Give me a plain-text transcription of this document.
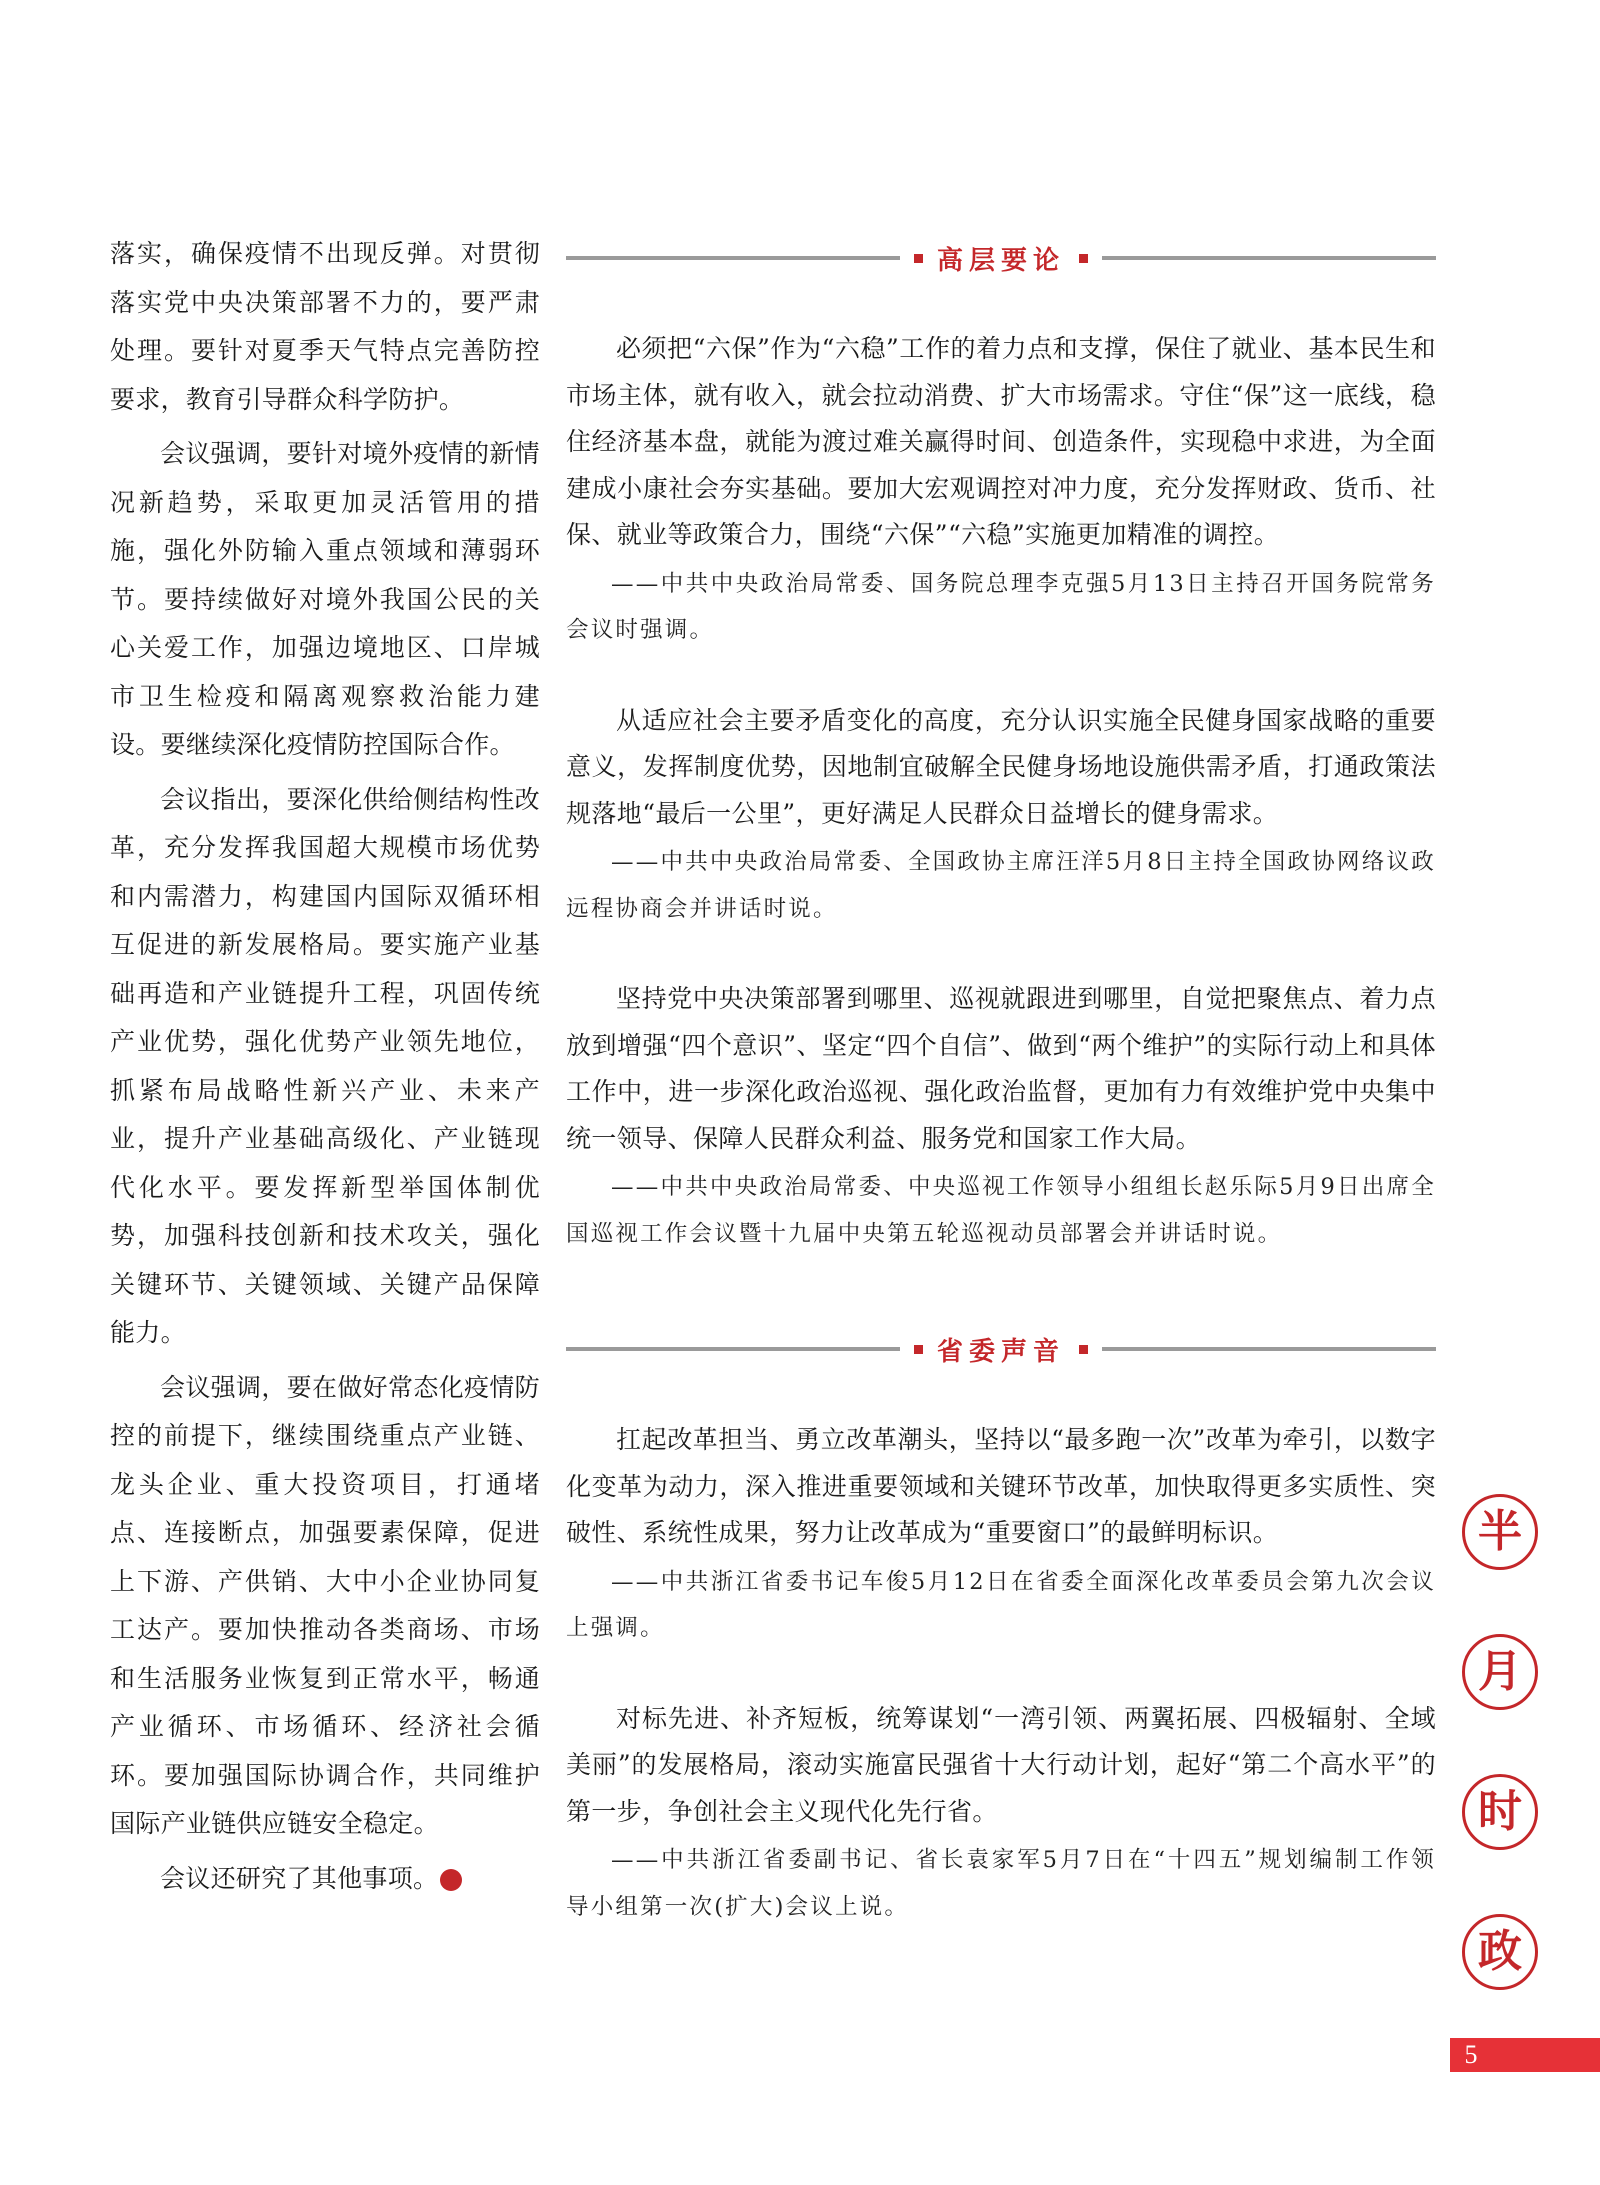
落实，确保疫情不出现反弹。对贯彻落实党中央决策部署不力的，要严肃处理。要针对夏季天气特点完善防控要求，教育引导群众科学防护。

会议强调，要针对境外疫情的新情况新趋势，采取更加灵活管用的措施，强化外防输入重点领域和薄弱环节。要持续做好对境外我国公民的关心关爱工作，加强边境地区、口岸城市卫生检疫和隔离观察救治能力建设。要继续深化疫情防控国际合作。

会议指出，要深化供给侧结构性改革，充分发挥我国超大规模市场优势和内需潜力，构建国内国际双循环相互促进的新发展格局。要实施产业基础再造和产业链提升工程，巩固传统产业优势，强化优势产业领先地位，抓紧布局战略性新兴产业、未来产业，提升产业基础高级化、产业链现代化水平。要发挥新型举国体制优势，加强科技创新和技术攻关，强化关键环节、关键领域、关键产品保障能力。

会议强调，要在做好常态化疫情防控的前提下，继续围绕重点产业链、龙头企业、重大投资项目，打通堵点、连接断点，加强要素保障，促进上下游、产供销、大中小企业协同复工达产。要加快推动各类商场、市场和生活服务业恢复到正常水平，畅通产业循环、市场循环、经济社会循环。要加强国际协调合作，共同维护国际产业链供应链安全稳定。

会议还研究了其他事项。	个

高层要论

必须把“六保”作为“六稳”工作的着力点和支撑，保住了就业、基本民生和市场主体，就有收入，就会拉动消费、扩大市场需求。守住“保”这一底线，稳住经济基本盘，就能为渡过难关赢得时间、创造条件，实现稳中求进，为全面建成小康社会夯实基础。要加大宏观调控对冲力度，充分发挥财政、货币、社保、就业等政策合力，围绕“六保”“六稳”实施更加精准的调控。

——中共中央政治局常委、国务院总理李克强5月13日主持召开国务院常务会议时强调。

从适应社会主要矛盾变化的高度，充分认识实施全民健身国家战略的重要意义，发挥制度优势，因地制宜破解全民健身场地设施供需矛盾，打通政策法规落地“最后一公里”，更好满足人民群众日益增长的健身需求。

——中共中央政治局常委、全国政协主席汪洋5月8日主持全国政协网络议政远程协商会并讲话时说。

坚持党中央决策部署到哪里、巡视就跟进到哪里，自觉把聚焦点、着力点放到增强“四个意识”、坚定“四个自信”、做到“两个维护”的实际行动上和具体工作中，进一步深化政治巡视、强化政治监督，更加有力有效维护党中央集中统一领导、保障人民群众利益、服务党和国家工作大局。

——中共中央政治局常委、中央巡视工作领导小组组长赵乐际5月9日出席全国巡视工作会议暨十九届中央第五轮巡视动员部署会并讲话时说。

省委声音

扛起改革担当、勇立改革潮头，坚持以“最多跑一次”改革为牵引，以数字化变革为动力，深入推进重要领域和关键环节改革，加快取得更多实质性、突破性、系统性成果，努力让改革成为“重要窗口”的最鲜明标识。

——中共浙江省委书记车俊5月12日在省委全面深化改革委员会第九次会议上强调。

对标先进、补齐短板，统筹谋划“一湾引领、两翼拓展、四极辐射、全域美丽”的发展格局，滚动实施富民强省十大行动计划，起好“第二个高水平”的第一步，争创社会主义现代化先行省。

——中共浙江省委副书记、省长袁家军5月7日在“十四五”规划编制工作领导小组第一次(扩大)会议上说。

半
月
时
政
5
